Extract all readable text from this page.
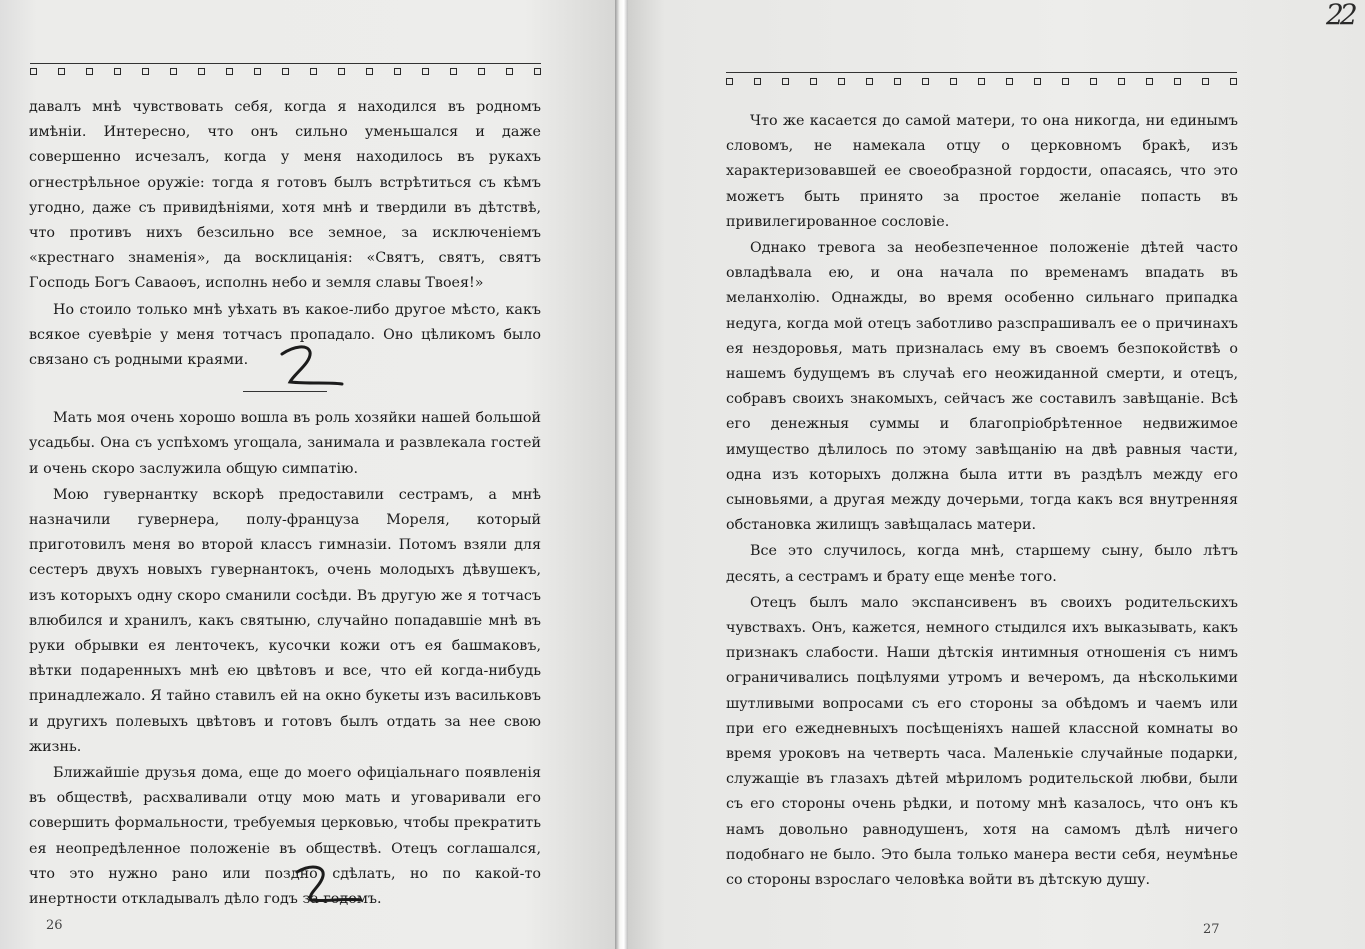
давалъ мнѣ чувствовать себя, когда я находился въ родномъ имѣніи. Интересно, что онъ сильно уменьшался и даже совершенно исчезалъ, когда у меня находилось въ рукахъ огнестрѣльное оружіе: тогда я готовъ былъ встрѣтиться съ кѣмъ угодно, даже съ привидѣніями, хотя мнѣ и твердили въ дѣтствѣ, что противъ нихъ безсильно все земное, за исключеніемъ «крестнаго знаменія», да восклицанія: «Святъ, святъ, святъ Господь Богъ Саваоѳъ, исполнь небо и земля славы Твоея!»

Но стоило только мнѣ уѣхать въ какое-либо другое мѣсто, какъ всякое суевѣріе у меня тотчасъ пропадало. Оно цѣликомъ было связано съ родными краями.

Мать моя очень хорошо вошла въ роль хозяйки нашей большой усадьбы. Она съ успѣхомъ угощала, занимала и развлекала гостей и очень скоро заслужила общую симпатію.

Мою гувернантку вскорѣ предоставили сестрамъ, а мнѣ назначили гувернера, полу-француза Мореля, который приготовилъ меня во второй классъ гимназіи. Потомъ взяли для сестеръ двухъ новыхъ гувернантокъ, очень молодыхъ дѣвушекъ, изъ которыхъ одну скоро сманили сосѣди. Въ другую же я тотчасъ влюбился и хранилъ, какъ святыню, случайно попадавшіе мнѣ въ руки обрывки ея ленточекъ, кусочки кожи отъ ея башмаковъ, вѣтки подаренныхъ мнѣ ею цвѣтовъ и все, что ей когда-нибудь принадлежало. Я тайно ставилъ ей на окно букеты изъ васильковъ и другихъ полевыхъ цвѣтовъ и готовъ былъ отдать за нее свою жизнь.

Ближайшіе друзья дома, еще до моего офиціальнаго появленія въ обществѣ, расхваливали отцу мою мать и уговаривали его совершить формальности, требуемыя церковью, чтобы прекратить ея неопредѣленное положеніе въ обществѣ. Отецъ соглашался, что это нужно рано или поздно сдѣлать, но по какой-то инертности откладывалъ дѣло годъ за годомъ.

26

Что же касается до самой матери, то она никогда, ни единымъ словомъ, не намекала отцу о церковномъ бракѣ, изъ характеризовавшей ее своеобразной гордости, опасаясь, что это можетъ быть принято за простое желаніе попасть въ привилегированное сословіе.

Однако тревога за необезпеченное положеніе дѣтей часто овладѣвала ею, и она начала по временамъ впадать въ меланхолію. Однажды, во время особенно сильнаго припадка недуга, когда мой отецъ заботливо разспрашивалъ ее о причинахъ ея нездоровья, мать призналась ему въ своемъ безпокойствѣ о нашемъ будущемъ въ случаѣ его неожиданной смерти, и отецъ, собравъ своихъ знакомыхъ, сейчасъ же составилъ завѣщаніе. Всѣ его денежныя суммы и благопріобрѣтенное недвижимое имущество дѣлилось по этому завѣщанію на двѣ равныя части, одна изъ которыхъ должна была итти въ раздѣлъ между его сыновьями, а другая между дочерьми, тогда какъ вся внутренняя обстановка жилищъ завѣщалась матери.

Все это случилось, когда мнѣ, старшему сыну, было лѣтъ десять, а сестрамъ и брату еще менѣе того.

Отецъ былъ мало экспансивенъ въ своихъ родительскихъ чувствахъ. Онъ, кажется, немного стыдился ихъ выказывать, какъ признакъ слабости. Наши дѣтскія интимныя отношенія съ нимъ ограничивались поцѣлуями утромъ и вечеромъ, да нѣсколькими шутливыми вопросами съ его стороны за обѣдомъ и чаемъ или при его ежедневныхъ посѣщеніяхъ нашей классной комнаты во время уроковъ на четверть часа. Маленькіе случайные подарки, служащіе въ глазахъ дѣтей мѣриломъ родительской любви, были съ его стороны очень рѣдки, и потому мнѣ казалось, что онъ къ намъ довольно равнодушенъ, хотя на самомъ дѣлѣ ничего подобнаго не было. Это была только манера вести себя, неумѣнье со стороны взрослаго человѣка войти въ дѣтскую душу.

27
22
